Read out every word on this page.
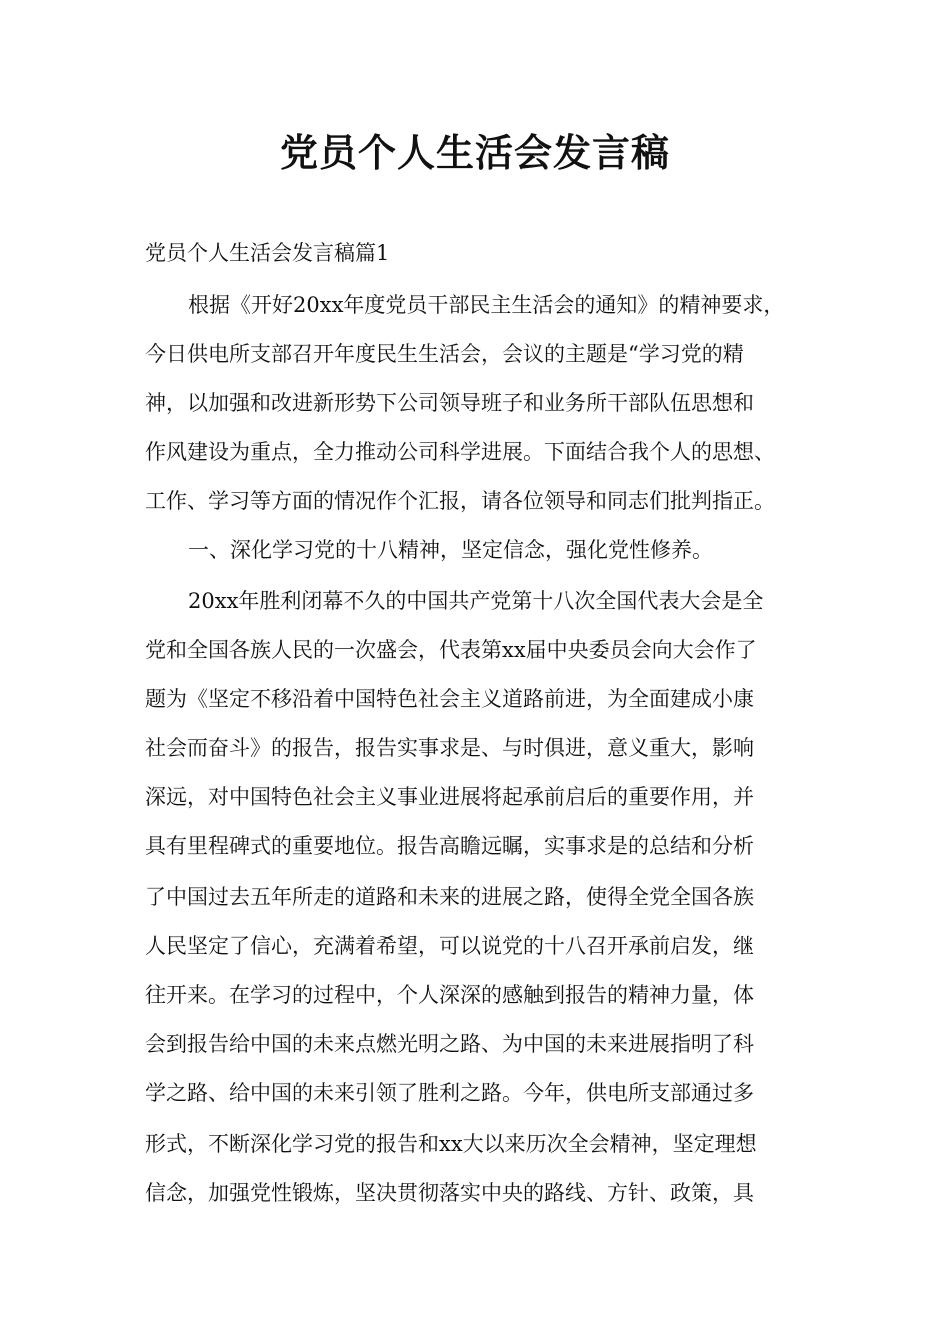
党员个人生活会发言稿

党员个人生活会发言稿篇1

根据《开好20xx年度党员干部民主生活会的通知》的精神要求，

今日供电所支部召开年度民生生活会，会议的主题是“学习党的精

神，以加强和改进新形势下公司领导班子和业务所干部队伍思想和

作风建设为重点，全力推动公司科学进展。下面结合我个人的思想、

工作、学习等方面的情况作个汇报，请各位领导和同志们批判指正。

一、深化学习党的十八精神，坚定信念，强化党性修养。

20xx年胜利闭幕不久的中国共产党第十八次全国代表大会是全

党和全国各族人民的一次盛会，代表第xx届中央委员会向大会作了

题为《坚定不移沿着中国特色社会主义道路前进，为全面建成小康

社会而奋斗》的报告，报告实事求是、与时俱进，意义重大，影响

深远，对中国特色社会主义事业进展将起承前启后的重要作用，并

具有里程碑式的重要地位。报告高瞻远瞩，实事求是的总结和分析

了中国过去五年所走的道路和未来的进展之路，使得全党全国各族

人民坚定了信心，充满着希望，可以说党的十八召开承前启发，继

往开来。在学习的过程中，个人深深的感触到报告的精神力量，体

会到报告给中国的未来点燃光明之路、为中国的未来进展指明了科

学之路、给中国的未来引领了胜利之路。今年，供电所支部通过多

形式，不断深化学习党的报告和xx大以来历次全会精神，坚定理想

信念，加强党性锻炼，坚决贯彻落实中央的路线、方针、政策，具
